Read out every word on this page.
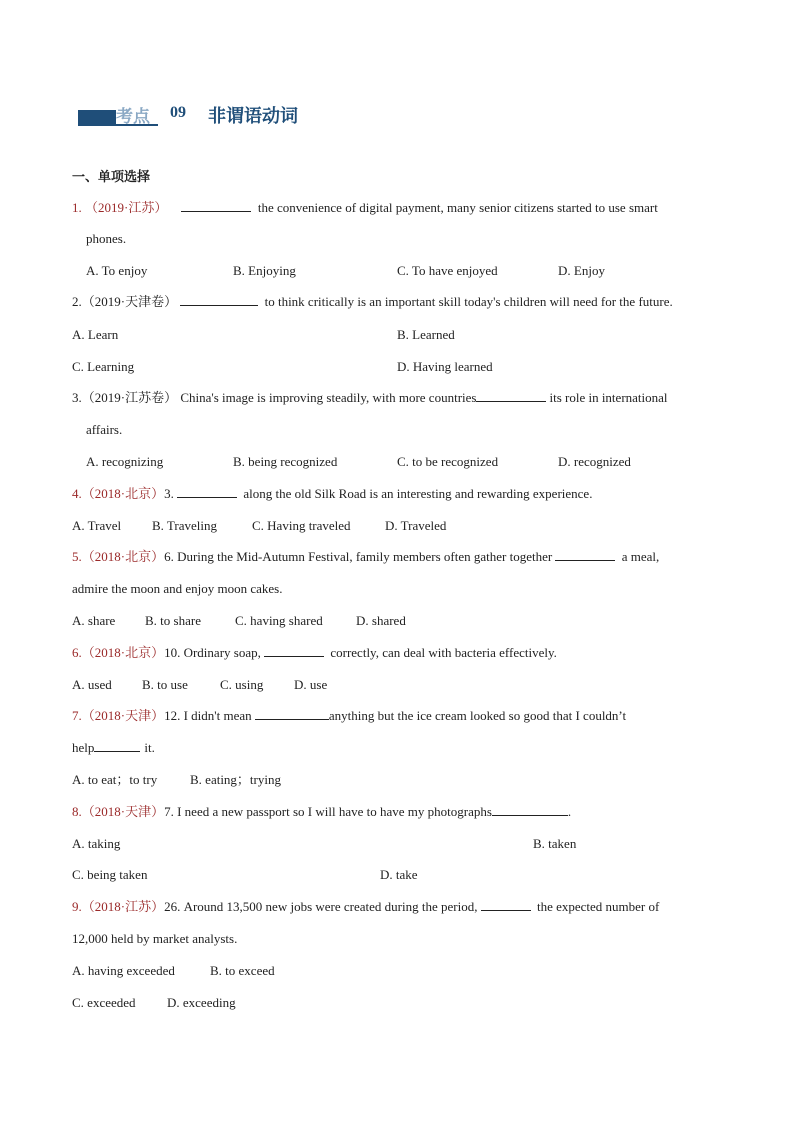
考点 09 非谓语动词
一、单项选择
1. （2019·江苏）	the convenience of digital payment, many senior citizens started to use smart
phones.
A. To enjoy	B. Enjoying	C. To have enjoyed	D. Enjoy
2.（2019·天津卷）	to think critically is an important skill today's children will need for the future.
A. Learn	B. Learned
C. Learning	D. Having learned
3.（2019·江苏卷） China's image is improving steadily, with more countries	its role in international
affairs.
A. recognizing	B. being recognized	C. to be recognized	D. recognized
4.（2018·北京）3.	along the old Silk Road is an interesting and rewarding experience.
A. Travel B. Traveling	C. Having traveled	D. Traveled
5.（2018·北京）6. During the Mid-Autumn Festival, family members often gather together	a meal,
admire the moon and enjoy moon cakes.
A. share B. to share	C. having shared	D. shared
6.（2018·北京）10. Ordinary soap,	correctly, can deal with bacteria effectively.
A. used B. to use C. using D. use
7.（2018·天津）12. I didn't mean	anything but the ice cream looked so good that I couldn’t
help	it.
A. to eat；to try	B. eating；trying
8.（2018·天津）7. I need a new passport so I will have to have my photographs	.
A. taking	B. taken
C. being taken	D. take
9.（2018·江苏）26. Around 13,500 new jobs were created during the period,	the expected number of
12,000 held by market analysts.
A. having exceeded	B. to exceed
C. exceeded D. exceeding
